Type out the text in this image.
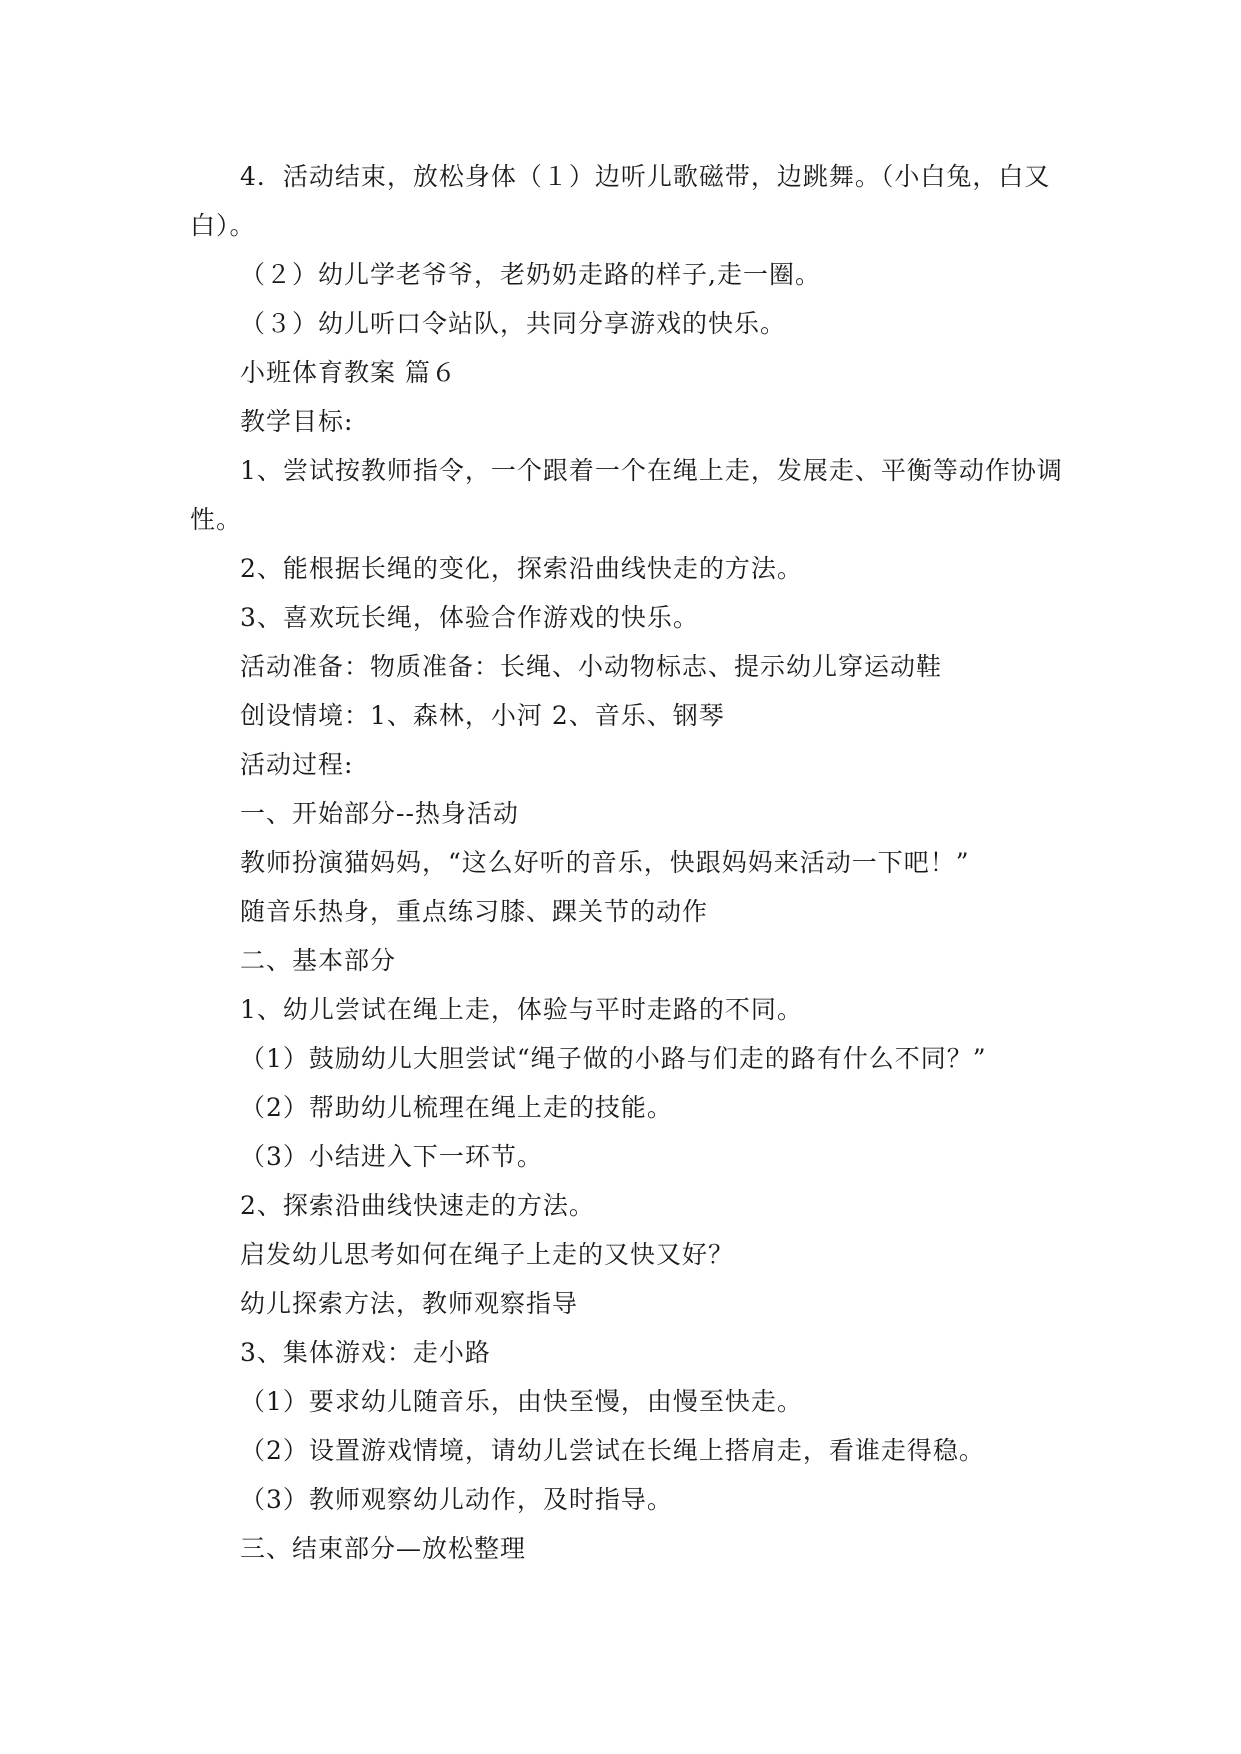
4．活动结束，放松身体（１）边听儿歌磁带，边跳舞。（小白兔，白又
白）。
（２）幼儿学老爷爷，老奶奶走路的样子,走一圈。
（３）幼儿听口令站队，共同分享游戏的快乐。
小班体育教案 篇６
教学目标:
1、尝试按教师指令，一个跟着一个在绳上走，发展走、平衡等动作协调
性。
2、能根据长绳的变化，探索沿曲线快走的方法。
3、喜欢玩长绳，体验合作游戏的快乐。
活动准备：物质准备：长绳、小动物标志、提示幼儿穿运动鞋
创设情境：1、森林，小河 2、音乐、钢琴
活动过程:
一、开始部分--热身活动
教师扮演猫妈妈，“这么好听的音乐，快跟妈妈来活动一下吧！”
随音乐热身，重点练习膝、踝关节的动作
二、基本部分
1、幼儿尝试在绳上走，体验与平时走路的不同。
（1）鼓励幼儿大胆尝试“绳子做的小路与们走的路有什么不同？”
（2）帮助幼儿梳理在绳上走的技能。
（3）小结进入下一环节。
2、探索沿曲线快速走的方法。
启发幼儿思考如何在绳子上走的又快又好？
幼儿探索方法，教师观察指导
3、集体游戏：走小路
（1）要求幼儿随音乐，由快至慢，由慢至快走。
（2）设置游戏情境，请幼儿尝试在长绳上搭肩走，看谁走得稳。
（3）教师观察幼儿动作，及时指导。
三、结束部分—放松整理
